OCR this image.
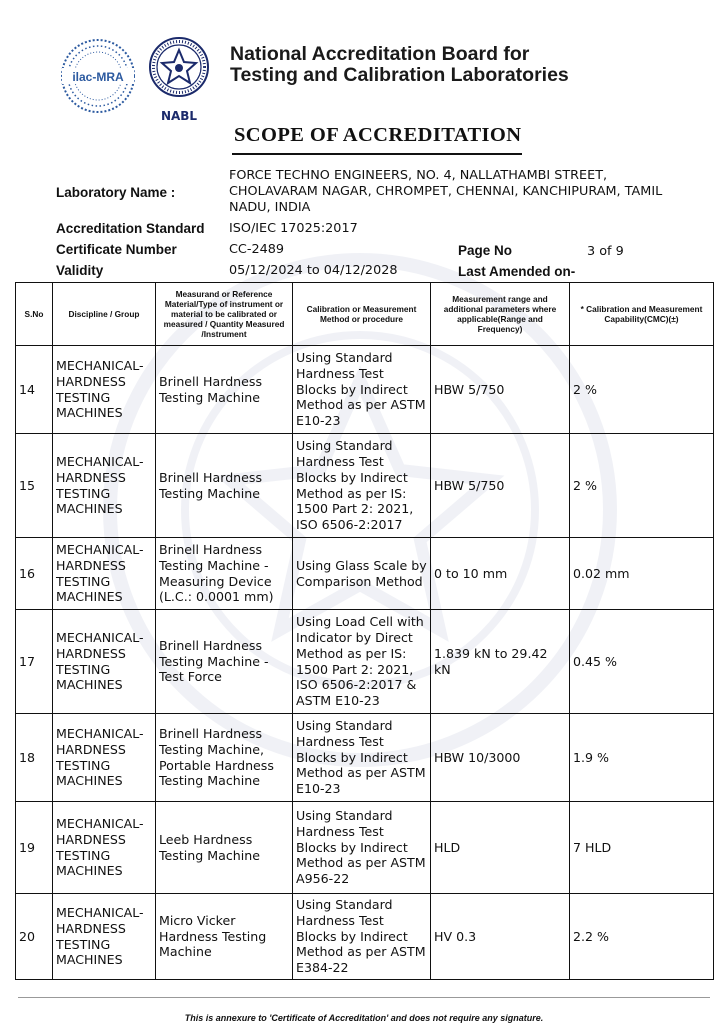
ilac-MRA
NABL
National Accreditation Board for
Testing and Calibration Laboratories
SCOPE OF ACCREDITATION
Laboratory Name :
FORCE TECHNO ENGINEERS, NO. 4, NALLATHAMBI STREET, CHOLAVARAM NAGAR, CHROMPET, CHENNAI, KANCHIPURAM, TAMIL NADU, INDIA
Accreditation Standard ISO/IEC 17025:2017
Certificate Number	CC-2489	Page No	3 of 9
Validity	05/12/2024 to 04/12/2028	Last Amended on-
S.No	Discipline / Group	Measurand or Reference Material/Type of instrument or material to be calibrated or measured / Quantity Measured /Instrument	Calibration or Measurement Method or procedure	Measurement range and additional parameters where applicable(Range and Frequency)	* Calibration and Measurement Capability(CMC)(±)
14	MECHANICAL- HARDNESS TESTING MACHINES	Brinell Hardness Testing Machine	Using Standard Hardness Test Blocks by Indirect Method as per ASTM E10-23	HBW 5/750	2 %
15	MECHANICAL- HARDNESS TESTING MACHINES	Brinell Hardness Testing Machine	Using Standard Hardness Test Blocks by Indirect Method as per IS: 1500 Part 2: 2021, ISO 6506-2:2017	HBW 5/750	2 %
16	MECHANICAL- HARDNESS TESTING MACHINES	Brinell Hardness Testing Machine - Measuring Device (L.C.: 0.0001 mm)	Using Glass Scale by Comparison Method	0 to 10 mm	0.02 mm
17	MECHANICAL- HARDNESS TESTING MACHINES	Brinell Hardness Testing Machine - Test Force	Using Load Cell with Indicator by Direct Method as per IS: 1500 Part 2: 2021, ISO 6506-2:2017 & ASTM E10-23	1.839 kN to 29.42 kN	0.45 %
18	MECHANICAL- HARDNESS TESTING MACHINES	Brinell Hardness Testing Machine, Portable Hardness Testing Machine	Using Standard Hardness Test Blocks by Indirect Method as per ASTM E10-23	HBW 10/3000	1.9 %
19	MECHANICAL- HARDNESS TESTING MACHINES	Leeb Hardness Testing Machine	Using Standard Hardness Test Blocks by Indirect Method as per ASTM A956-22	HLD	7 HLD
20	MECHANICAL- HARDNESS TESTING MACHINES	Micro Vicker Hardness Testing Machine	Using Standard Hardness Test Blocks by Indirect Method as per ASTM E384-22	HV 0.3	2.2 %
This is annexure to 'Certificate of Accreditation' and does not require any signature.
